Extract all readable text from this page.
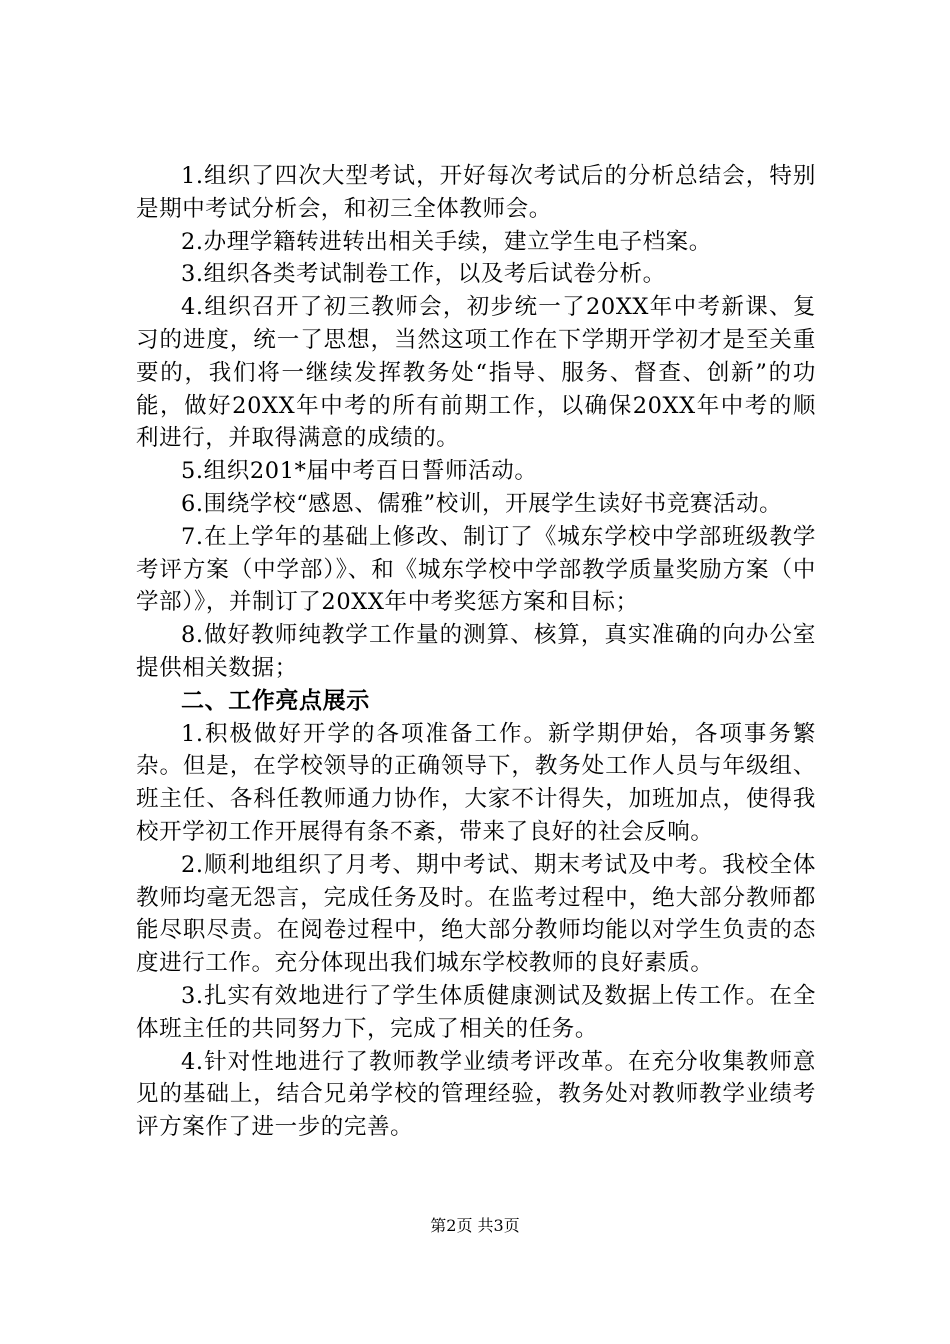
1.组织了四次大型考试，开好每次考试后的分析总结会，特别是期中考试分析会，和初三全体教师会。

2.办理学籍转进转出相关手续，建立学生电子档案。

3.组织各类考试制卷工作，以及考后试卷分析。

4.组织召开了初三教师会，初步统一了20XX年中考新课、复习的进度，统一了思想，当然这项工作在下学期开学初才是至关重要的，我们将一继续发挥教务处“指导、服务、督查、创新”的功能，做好20XX年中考的所有前期工作，以确保20XX年中考的顺利进行，并取得满意的成绩的。

5.组织201*届中考百日誓师活动。

6.围绕学校“感恩、儒雅”校训，开展学生读好书竞赛活动。

7.在上学年的基础上修改、制订了《城东学校中学部班级教学考评方案（中学部）》、和《城东学校中学部教学质量奖励方案（中学部）》，并制订了20XX年中考奖惩方案和目标；

8.做好教师纯教学工作量的测算、核算，真实准确的向办公室提供相关数据；

二、工作亮点展示

1.积极做好开学的各项准备工作。新学期伊始，各项事务繁杂。但是，在学校领导的正确领导下，教务处工作人员与年级组、班主任、各科任教师通力协作，大家不计得失，加班加点，使得我校开学初工作开展得有条不紊，带来了良好的社会反响。

2.顺利地组织了月考、期中考试、期末考试及中考。我校全体教师均毫无怨言，完成任务及时。在监考过程中，绝大部分教师都能尽职尽责。在阅卷过程中，绝大部分教师均能以对学生负责的态度进行工作。充分体现出我们城东学校教师的良好素质。

3.扎实有效地进行了学生体质健康测试及数据上传工作。在全体班主任的共同努力下，完成了相关的任务。

4.针对性地进行了教师教学业绩考评改革。在充分收集教师意见的基础上，结合兄弟学校的管理经验，教务处对教师教学业绩考评方案作了进一步的完善。

第2页 共3页
